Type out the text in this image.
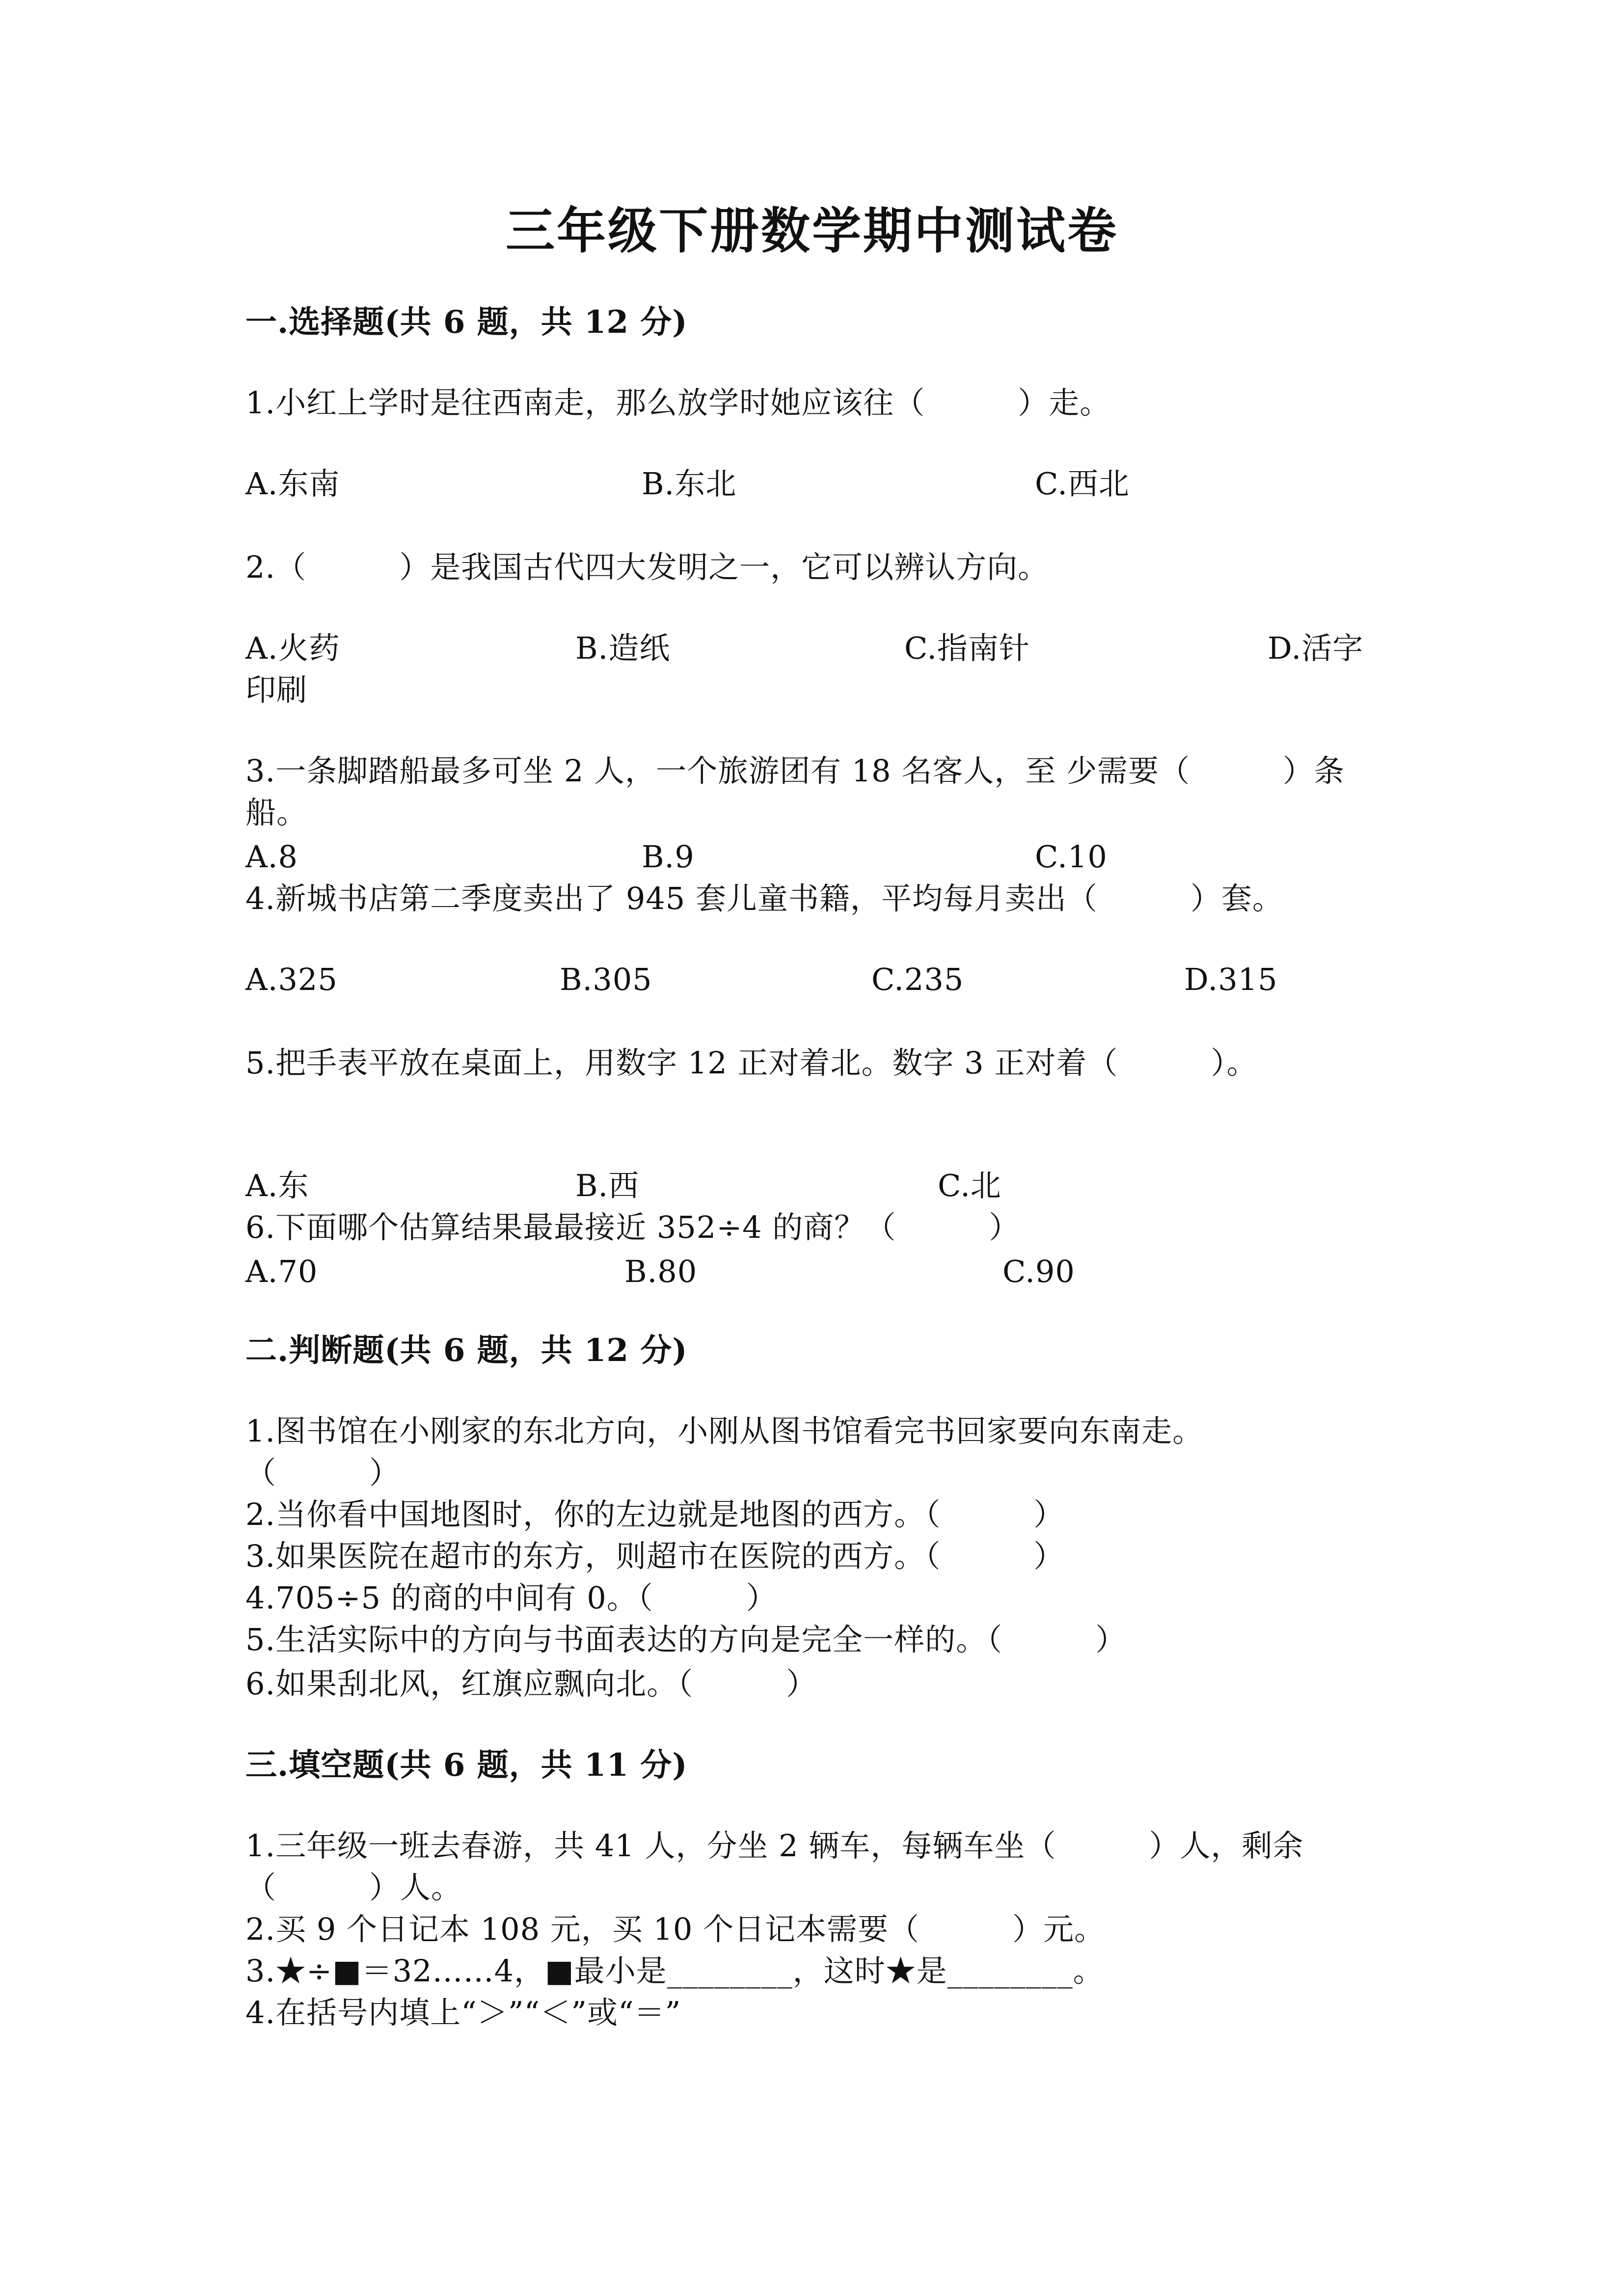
三年级下册数学期中测试卷
一.选择题(共 6 题，共 12 分)
1.小红上学时是往西南走，那么放学时她应该往（　　　）走。
A.东南	B.东北	C.西北
2.（　　　）是我国古代四大发明之一，它可以辨认方向。
A.火药	B.造纸	C.指南针	D.活字
印刷
3.一条脚踏船最多可坐 2 人，一个旅游团有 18 名客人，至 少需要（　　　）条
船。
A.8	B.9	C.10
4.新城书店第二季度卖出了 945 套儿童书籍，平均每月卖出（　　　）套。
A.325	B.305	C.235	D.315
5.把手表平放在桌面上，用数字 12 正对着北。数字 3 正对着（　　　）。
A.东	B.西	C.北
6.下面哪个估算结果最最接近 352÷4 的商？（　　　）
A.70	B.80	C.90
二.判断题(共 6 题，共 12 分)
1.图书馆在小刚家的东北方向，小刚从图书馆看完书回家要向东南走。
（　　　）
2.当你看中国地图时，你的左边就是地图的西方。（　　　）
3.如果医院在超市的东方，则超市在医院的西方。（　　　）
4.705÷5 的商的中间有 0。（　　　）
5.生活实际中的方向与书面表达的方向是完全一样的。（　　　）
6.如果刮北风，红旗应飘向北。（　　　）
三.填空题(共 6 题，共 11 分)
1.三年级一班去春游，共 41 人，分坐 2 辆车，每辆车坐（　　　）人，剩余
（　　　）人。
2.买 9 个日记本 108 元，买 10 个日记本需要（　　　）元。
3.★÷■＝32……4，■最小是________，这时★是________。
4.在括号内填上“＞”“＜”或“＝”
